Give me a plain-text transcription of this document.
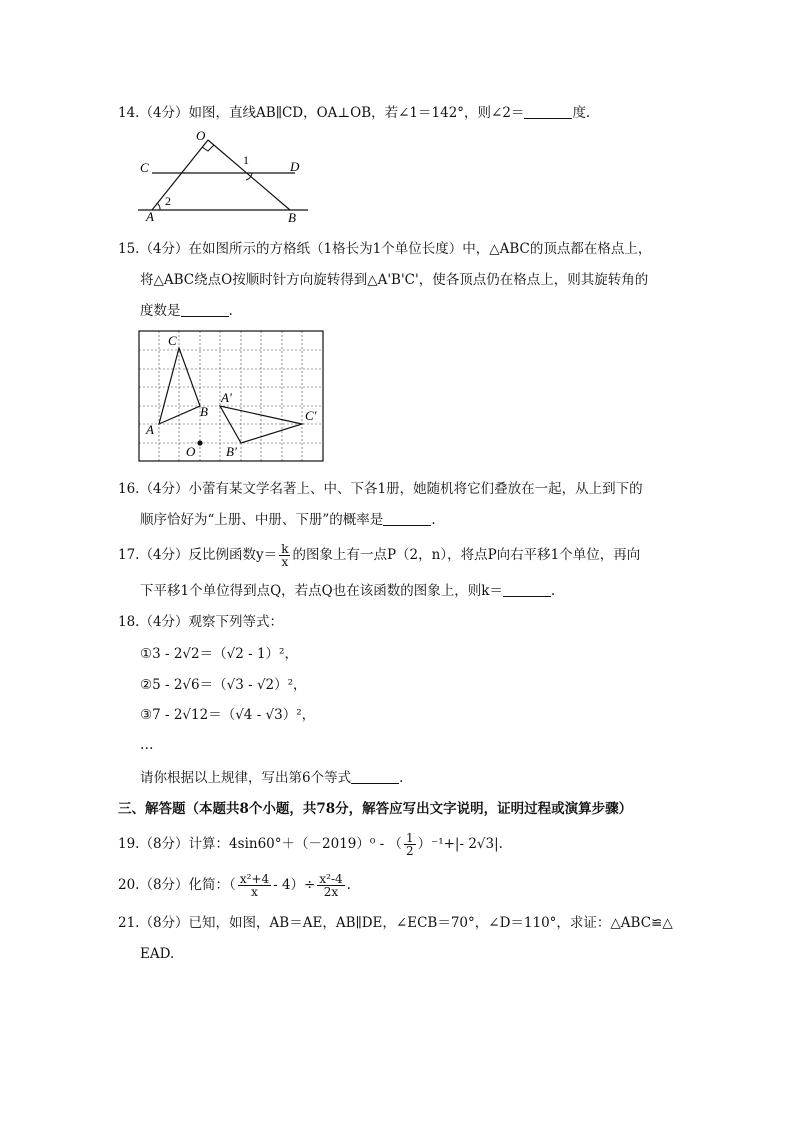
14.（4分）如图，直线AB∥CD，OA⊥OB，若∠1＝142°，则∠2＝	度.
O
C	D
A	B
1
2
15.（4分）在如图所示的方格纸（1格长为1个单位长度）中，△ABC的顶点都在格点上，
将△ABC绕点O按顺时针方向旋转得到△A'B'C'，使各顶点仍在格点上，则其旋转角的
度数是	.
C
A
B
O
A'
B'
C'
16.（4分）小蕾有某文学名著上、中、下各1册，她随机将它们叠放在一起，从上到下的
顺序恰好为“上册、中册、下册”的概率是	.
17.（4分）反比例函数$y= \frac{k}{x}$ 的图象上有一点P（2，n），将点P向右平移1个单位，再向
下平移1个单位得到点Q，若点Q也在该函数的图象上，则k＝	.
18.（4分）观察下列等式：
①3 - 2√2＝（√2 - 1）²，
②5 - 2√6＝（√3 - √2）²，
③7 - 2√12＝（√4 - √3）²，
…
请你根据以上规律，写出第6个等式	.
三、解答题（本题共8个小题，共78分，解答应写出文字说明，证明过程或演算步骤）
19.（8分）计算：4sin60°＋（－2019）⁰ - （ $\frac{1}{2} )^{-1}+|-$ 2√3|.
20.（8分）化简：（ $\frac{\text{x²+4}}{x} - 4)\div \frac{\text{x²-4}}{2x}$ .
21.（8分）已知，如图，AB＝AE，AB∥DE，∠ECB＝70°，∠D＝110°，求证：△ABC≌△
EAD.
